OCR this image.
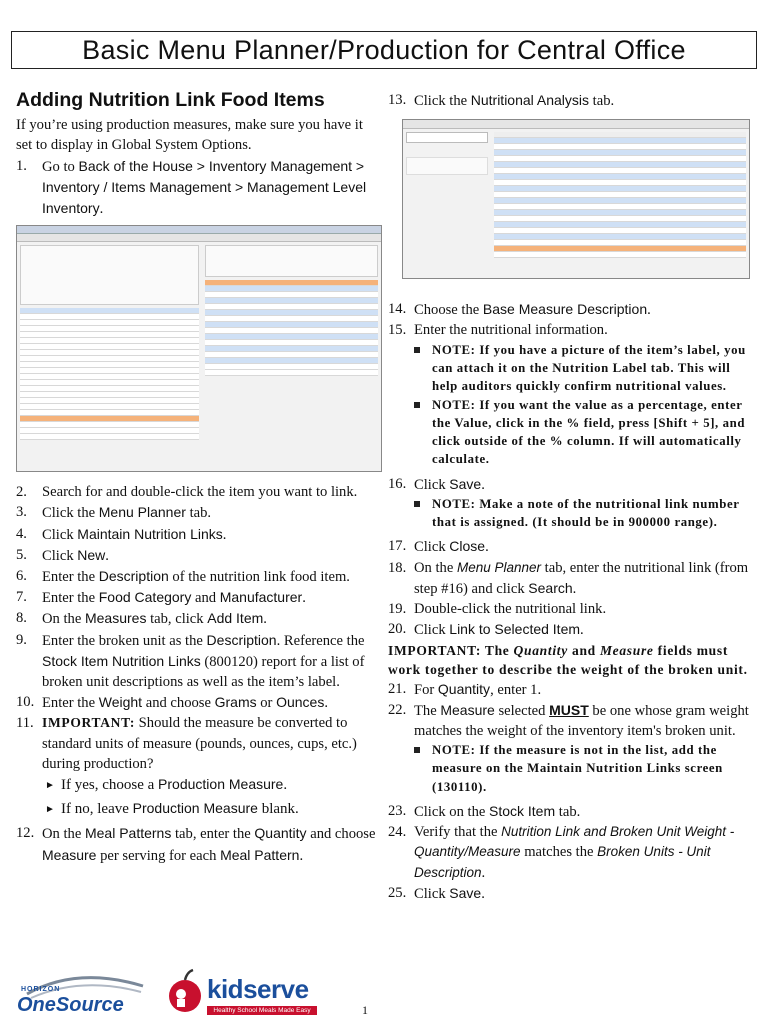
Basic Menu Planner/Production for Central Office
Adding Nutrition Link Food Items

If you’re using production measures, make sure you have it set to display in Global System Options.

1. Go to Back of the House > Inventory Management > Inventory / Items Management > Management Level Inventory.
2. Search for and double-click the item you want to link.
3. Click the Menu Planner tab.
4. Click Maintain Nutrition Links.
5. Click New.
6. Enter the Description of the nutrition link food item.
7. Enter the Food Category and Manufacturer.
8. On the Measures tab, click Add Item.
9. Enter the broken unit as the Description. Reference the Stock Item Nutrition Links (800120) report for a list of broken unit descriptions as well as the item’s label.
10. Enter the Weight and choose Grams or Ounces.
11. IMPORTANT: Should the measure be converted to standard units of measure (pounds, ounces, cups, etc.) during production?
► If yes, choose a Production Measure.
► If no, leave Production Measure blank.
12. On the Meal Patterns tab, enter the Quantity and choose Measure per serving for each Meal Pattern.
13. Click the Nutritional Analysis tab.
14. Choose the Base Measure Description.
15. Enter the nutritional information.
NOTE: If you have a picture of the item’s label, you can attach it on the Nutrition Label tab. This will help auditors quickly confirm nutritional values.
NOTE: If you want the value as a percentage, enter the Value, click in the % field, press [Shift + 5], and click outside of the % column. If will automatically calculate.
16. Click Save.
NOTE: Make a note of the nutritional link number that is assigned. (It should be in 900000 range).
17. Click Close.
18. On the Menu Planner tab, enter the nutritional link (from step #16) and click Search.
19. Double-click the nutritional link.
20. Click Link to Selected Item.

IMPORTANT: The Quantity and Measure fields must work together to describe the weight of the broken unit.

21. For Quantity, enter 1.
22. The Measure selected MUST be one whose gram weight matches the weight of the inventory item's broken unit.
NOTE: If the measure is not in the list, add the measure on the Maintain Nutrition Links screen (130110).
23. Click on the Stock Item tab.
24. Verify that the Nutrition Link and Broken Unit Weight - Quantity/Measure matches the Broken Units - Unit Description.
25. Click Save.
HORIZON
OneSource
kidserve
Healthy School Meals Made Easy	1
